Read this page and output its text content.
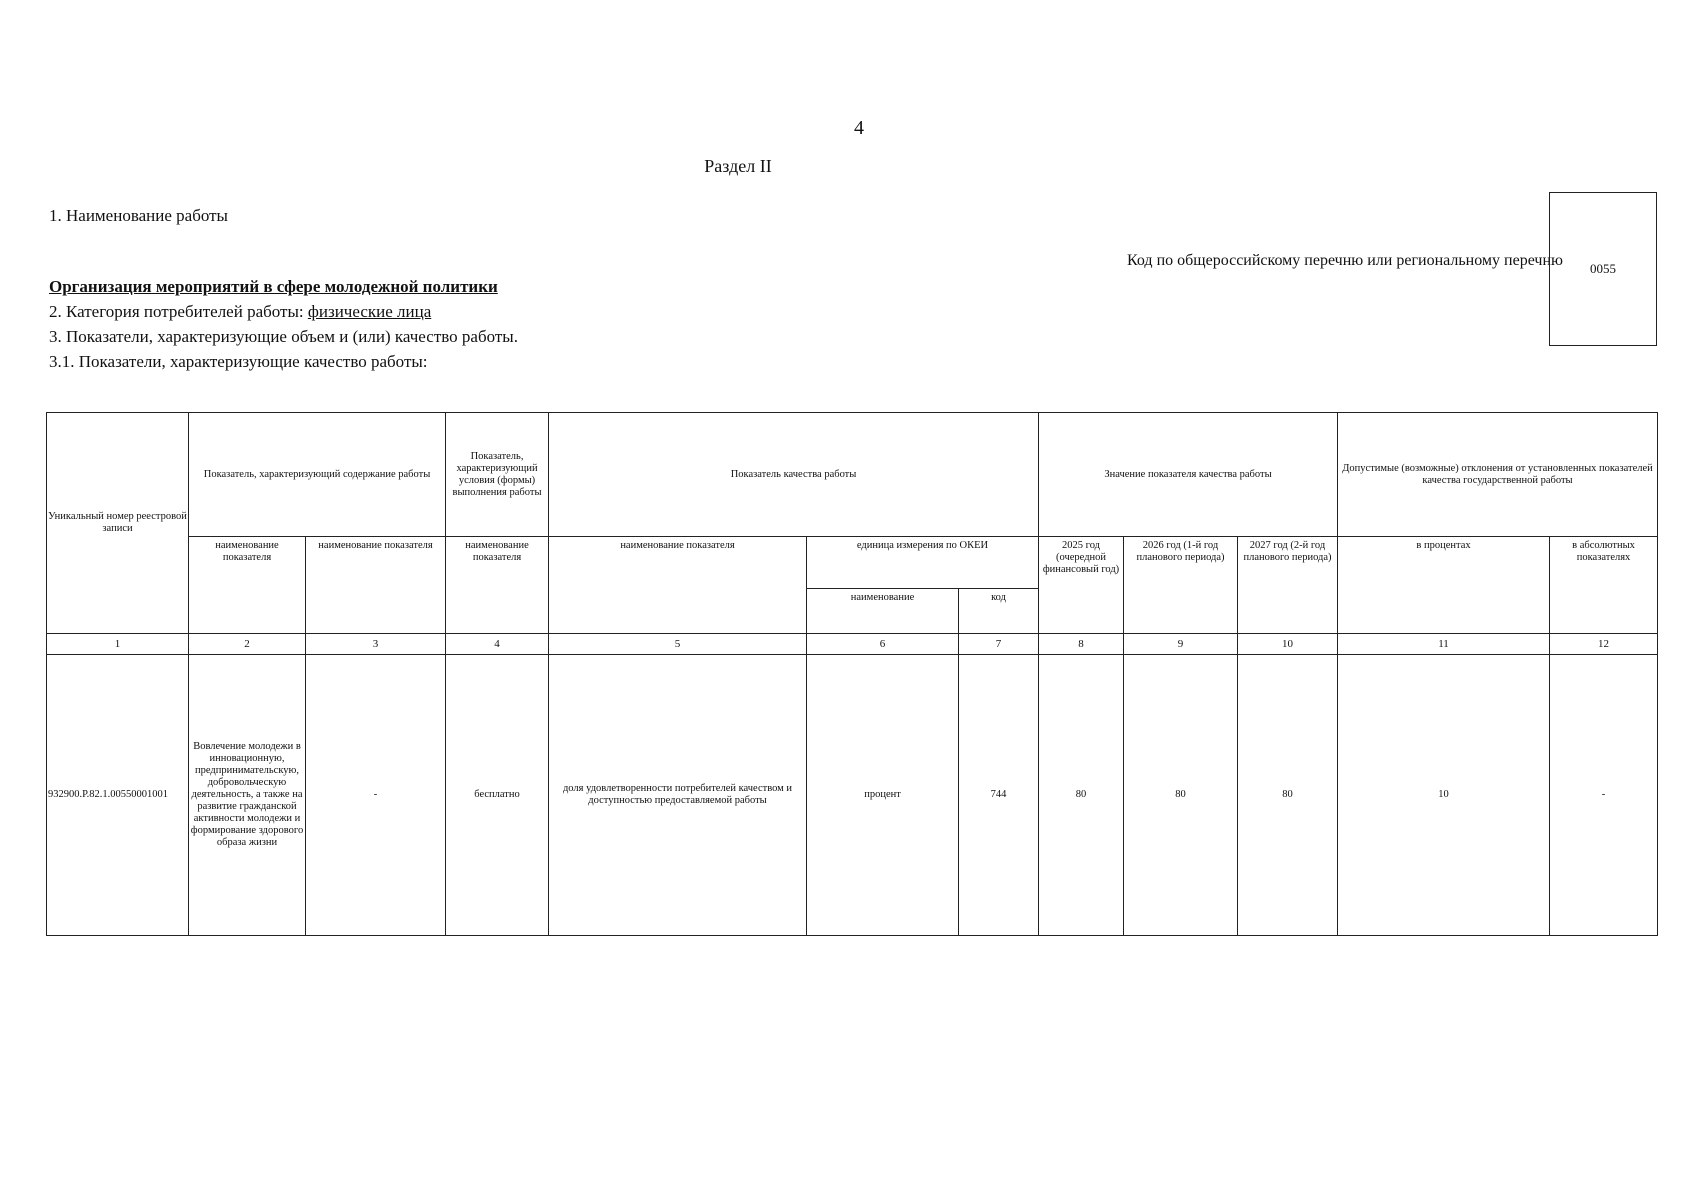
4
Раздел II
1. Наименование работы
Организация мероприятий в сфере молодежной политики
2. Категория потребителей работы: физические лица
3. Показатели, характеризующие объем и (или) качество работы.
3.1. Показатели, характеризующие качество работы:
Код по общероссийскому перечню или региональному перечню	0055
Уникальный номер реестровой записи	Показатель, характеризующий содержание работы		Показатель, характеризующий условия (формы) выполнения работы	Показатель качества работы			Значение показателя качества работы			Допустимые (возможные) отклонения от установленных показателей качества государственной работы	
	наименование показателя	наименование показателя	наименование показателя	наименование показателя	единица измерения по ОКЕИ		2025 год (очередной финансовый год)	2026 год (1-й год планового периода)	2027 год (2-й год планового периода)	в процентах	в абсолютных показателях
					наименование	код					
1	2	3	4	5	6	7	8	9	10	11	12
932900.Р.82.1.00550001001	Вовлечение молодежи в инновационную, предпринимательскую, добровольческую деятельность, а также на развитие гражданской активности молодежи и формирование здорового образа жизни	-	бесплатно	доля удовлетворенности потребителей качеством и доступностью предоставляемой работы	процент	744	80	80	80	10	-
